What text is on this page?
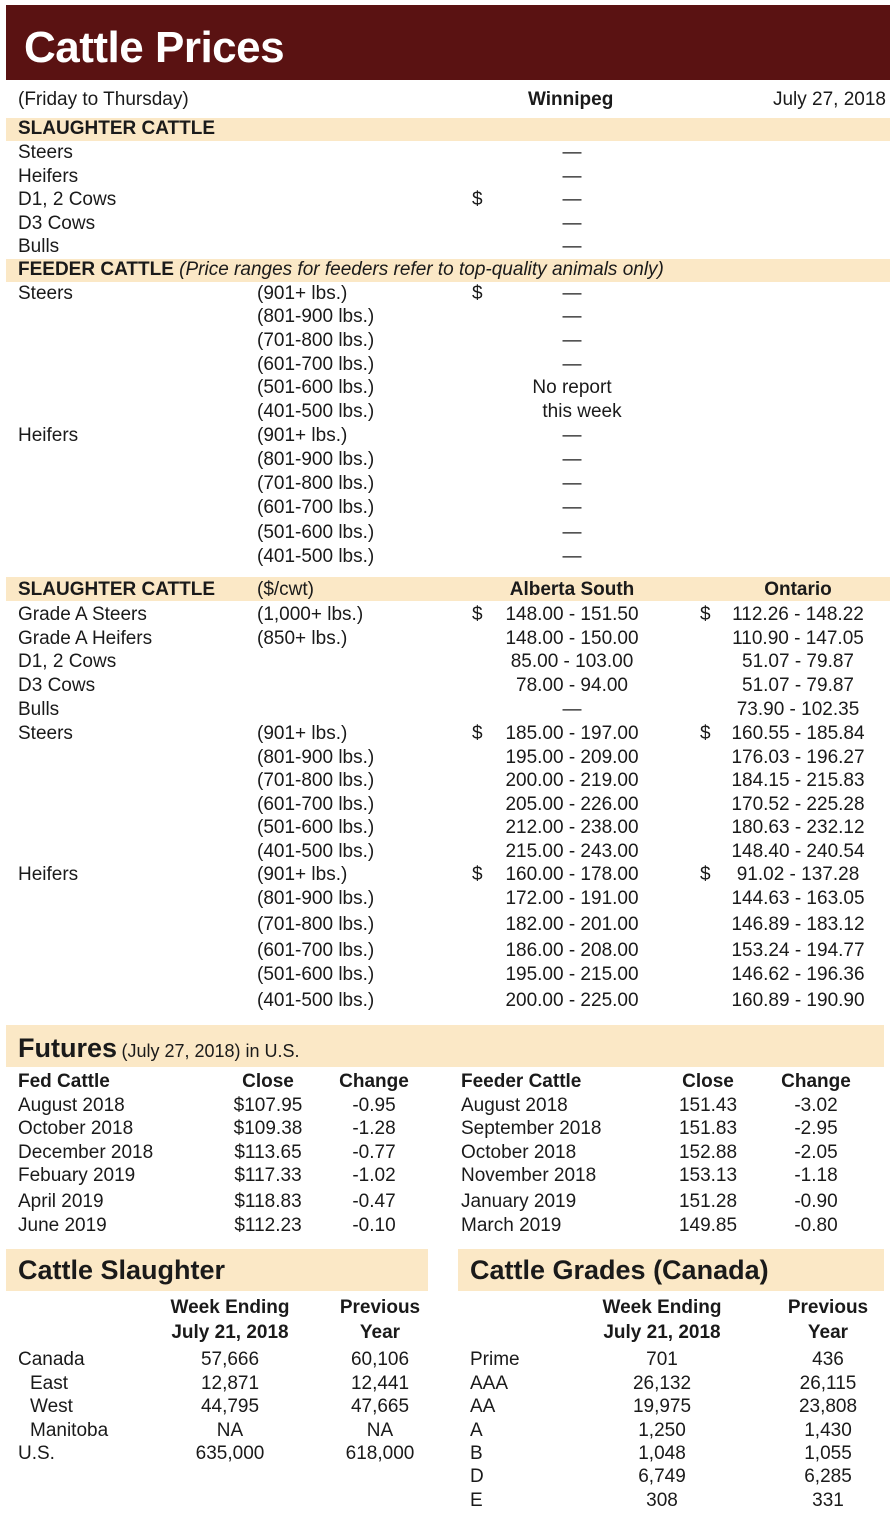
Cattle Prices
(Friday to Thursday)	Winnipeg	July 27, 2018
SLAUGHTER CATTLE
Steers	—
Heifers	—
D1, 2 Cows	$	—
D3 Cows	—
Bulls	—
FEEDER CATTLE (Price ranges for feeders refer to top-quality animals only)
Steers	(901+ lbs.)	$	—
(801-900 lbs.)	—
(701-800 lbs.)	—
(601-700 lbs.)	—
(501-600 lbs.)	No report
(401-500 lbs.)	this week
Heifers	(901+ lbs.)	—
(801-900 lbs.)	—
(701-800 lbs.)	—
(601-700 lbs.)	—
(501-600 lbs.)	—
(401-500 lbs.)	—
SLAUGHTER CATTLE ($/cwt)	Alberta South	Ontario
Grade A Steers	(1,000+ lbs.)	$	148.00 - 151.50	$	112.26 - 148.22
Grade A Heifers	(850+ lbs.)	148.00 - 150.00	110.90 - 147.05
D1, 2 Cows	85.00 - 103.00	51.07 - 79.87
D3 Cows	78.00 - 94.00	51.07 - 79.87
Bulls	—	73.90 - 102.35
Steers	(901+ lbs.)	$	185.00 - 197.00	$	160.55 - 185.84
(801-900 lbs.)	195.00 - 209.00	176.03 - 196.27
(701-800 lbs.)	200.00 - 219.00	184.15 - 215.83
(601-700 lbs.)	205.00 - 226.00	170.52 - 225.28
(501-600 lbs.)	212.00 - 238.00	180.63 - 232.12
(401-500 lbs.)	215.00 - 243.00	148.40 - 240.54
Heifers	(901+ lbs.)	$	160.00 - 178.00	$	91.02 - 137.28
(801-900 lbs.)	172.00 - 191.00	144.63 - 163.05
(701-800 lbs.)	182.00 - 201.00	146.89 - 183.12
(601-700 lbs.)	186.00 - 208.00	153.24 - 194.77
(501-600 lbs.)	195.00 - 215.00	146.62 - 196.36
(401-500 lbs.)	200.00 - 225.00	160.89 - 190.90
Futures (July 27, 2018) in U.S.
Fed Cattle	Close	Change	Feeder Cattle	Close	Change
August 2018	$107.95	-0.95
October 2018	$109.38	-1.28
December 2018	$113.65	-0.77
Febuary 2019	$117.33	-1.02
April 2019	$118.83	-0.47
June 2019	$112.23	-0.10
August 2018	151.43	-3.02
September 2018	151.83	-2.95
October 2018	152.88	-2.05
November 2018	153.13	-1.18
January 2019	151.28	-0.90
March 2019	149.85	-0.80
Cattle Slaughter
Week Ending
July 21, 2018
Previous
Year
Canada	57,666	60,106
East	12,871	12,441
West	44,795	47,665
Manitoba	NA	NA
U.S.	635,000	618,000
Cattle Grades (Canada)
Week Ending
July 21, 2018
Previous
Year
Prime	701	436
AAA	26,132	26,115
AA	19,975	23,808
A	1,250	1,430
B	1,048	1,055
D	6,749	6,285
E	308	331
